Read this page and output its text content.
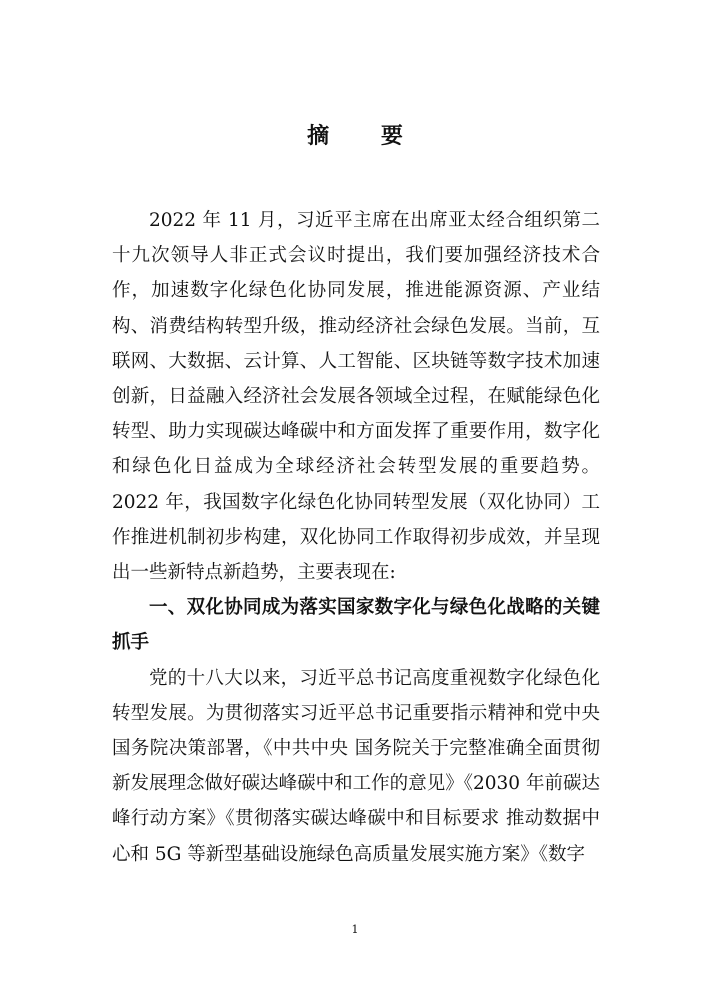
摘 要

2022 年 11 月，习近平主席在出席亚太经合组织第二十九次领导人非正式会议时提出，我们要加强经济技术合作，加速数字化绿色化协同发展，推进能源资源、产业结构、消费结构转型升级，推动经济社会绿色发展。当前，互联网、大数据、云计算、人工智能、区块链等数字技术加速创新，日益融入经济社会发展各领域全过程，在赋能绿色化转型、助力实现碳达峰碳中和方面发挥了重要作用，数字化和绿色化日益成为全球经济社会转型发展的重要趋势。2022 年，我国数字化绿色化协同转型发展（双化协同）工作推进机制初步构建，双化协同工作取得初步成效，并呈现出一些新特点新趋势，主要表现在:

一、双化协同成为落实国家数字化与绿色化战略的关键抓手

党的十八大以来，习近平总书记高度重视数字化绿色化转型发展。为贯彻落实习近平总书记重要指示精神和党中央国务院决策部署，《中共中央 国务院关于完整准确全面贯彻新发展理念做好碳达峰碳中和工作的意见》《2030 年前碳达峰行动方案》《贯彻落实碳达峰碳中和目标要求 推动数据中心和 5G 等新型基础设施绿色高质量发展实施方案》《数字

1
